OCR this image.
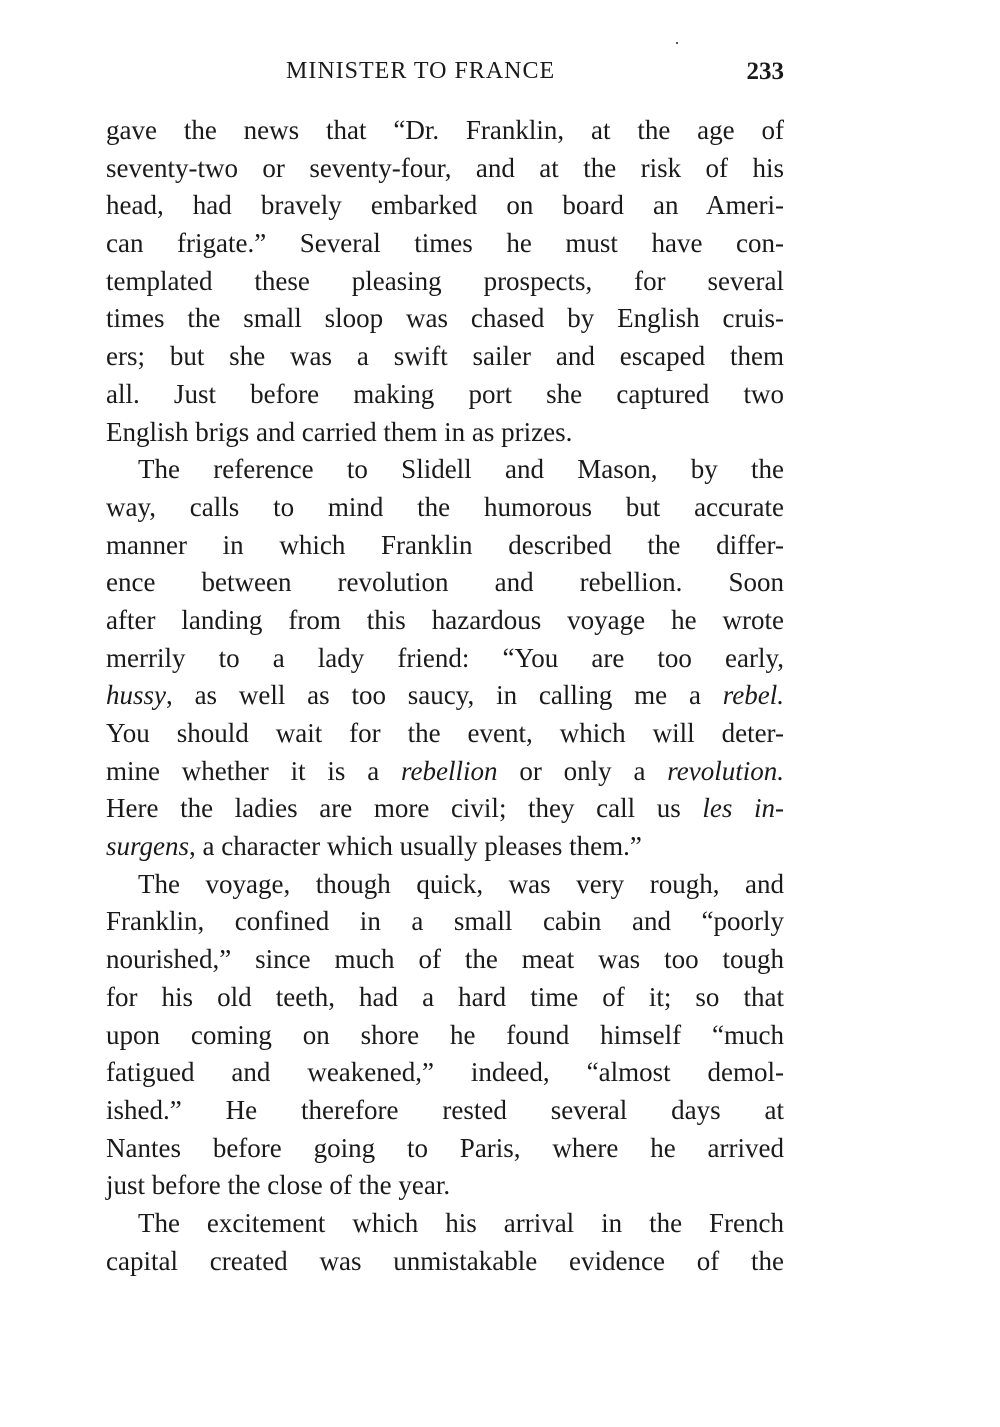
MINISTER TO FRANCE	233
gave the news that “Dr. Franklin, at the age of
seventy-two or seventy-four, and at the risk of his
head, had bravely embarked on board an Ameri-
can frigate.” Several times he must have con-
templated these pleasing prospects, for several
times the small sloop was chased by English cruis-
ers; but she was a swift sailer and escaped them
all. Just before making port she captured two
English brigs and carried them in as prizes.
The reference to Slidell and Mason, by the
way, calls to mind the humorous but accurate
manner in which Franklin described the differ-
ence between revolution and rebellion. Soon
after landing from this hazardous voyage he wrote
merrily to a lady friend: “You are too early,
hussy, as well as too saucy, in calling me a rebel.
You should wait for the event, which will deter-
mine whether it is a rebellion or only a revolution.
Here the ladies are more civil; they call us les in-
surgens, a character which usually pleases them.”
The voyage, though quick, was very rough, and
Franklin, confined in a small cabin and “poorly
nourished,” since much of the meat was too tough
for his old teeth, had a hard time of it; so that
upon coming on shore he found himself “much
fatigued and weakened,” indeed, “almost demol-
ished.” He therefore rested several days at
Nantes before going to Paris, where he arrived
just before the close of the year.
The excitement which his arrival in the French
capital created was unmistakable evidence of the
